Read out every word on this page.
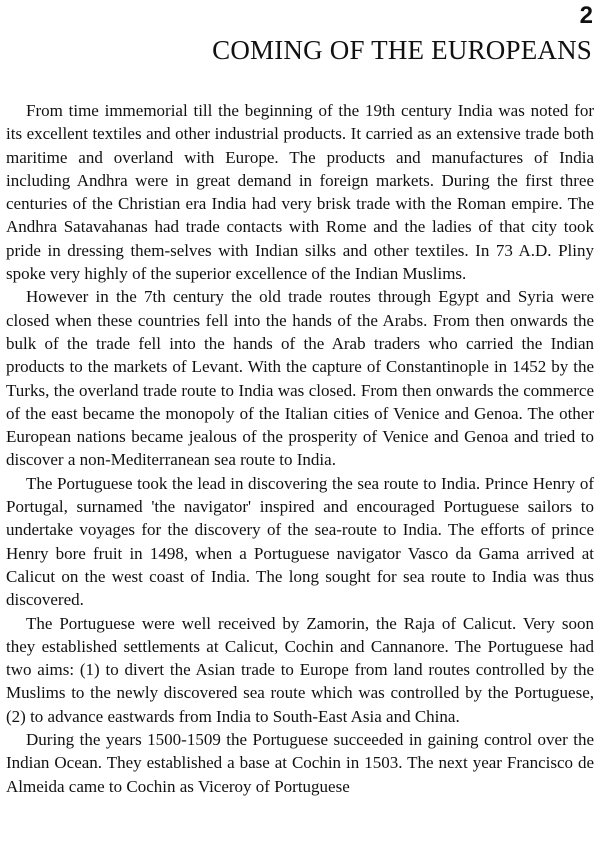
2
COMING OF THE EUROPEANS

From time immemorial till the beginning of the 19th century India was noted for its excellent textiles and other industrial products. It carried as an extensive trade both maritime and overland with Europe. The products and manufactures of India including Andhra were in great demand in foreign markets. During the first three centuries of the Christian era India had very brisk trade with the Roman empire. The Andhra Satavahanas had trade contacts with Rome and the ladies of that city took pride in dressing them-selves with Indian silks and other textiles. In 73 A.D. Pliny spoke very highly of the superior excellence of the Indian Muslims.

However in the 7th century the old trade routes through Egypt and Syria were closed when these countries fell into the hands of the Arabs. From then onwards the bulk of the trade fell into the hands of the Arab traders who carried the Indian products to the markets of Levant. With the capture of Constantinople in 1452 by the Turks, the overland trade route to India was closed. From then onwards the commerce of the east became the monopoly of the Italian cities of Venice and Genoa. The other European nations became jealous of the prosperity of Venice and Genoa and tried to discover a non-Mediterranean sea route to India.

The Portuguese took the lead in discovering the sea route to India. Prince Henry of Portugal, surnamed 'the navigator' inspired and encouraged Portuguese sailors to undertake voyages for the discovery of the sea-route to India. The efforts of prince Henry bore fruit in 1498, when a Portuguese navigator Vasco da Gama arrived at Calicut on the west coast of India. The long sought for sea route to India was thus discovered.

The Portuguese were well received by Zamorin, the Raja of Calicut. Very soon they established settlements at Calicut, Cochin and Cannanore. The Portuguese had two aims: (1) to divert the Asian trade to Europe from land routes controlled by the Muslims to the newly discovered sea route which was controlled by the Portuguese, (2) to advance eastwards from India to South-East Asia and China.

During the years 1500-1509 the Portuguese succeeded in gaining control over the Indian Ocean. They established a base at Cochin in 1503. The next year Francisco de Almeida came to Cochin as Viceroy of Portuguese
